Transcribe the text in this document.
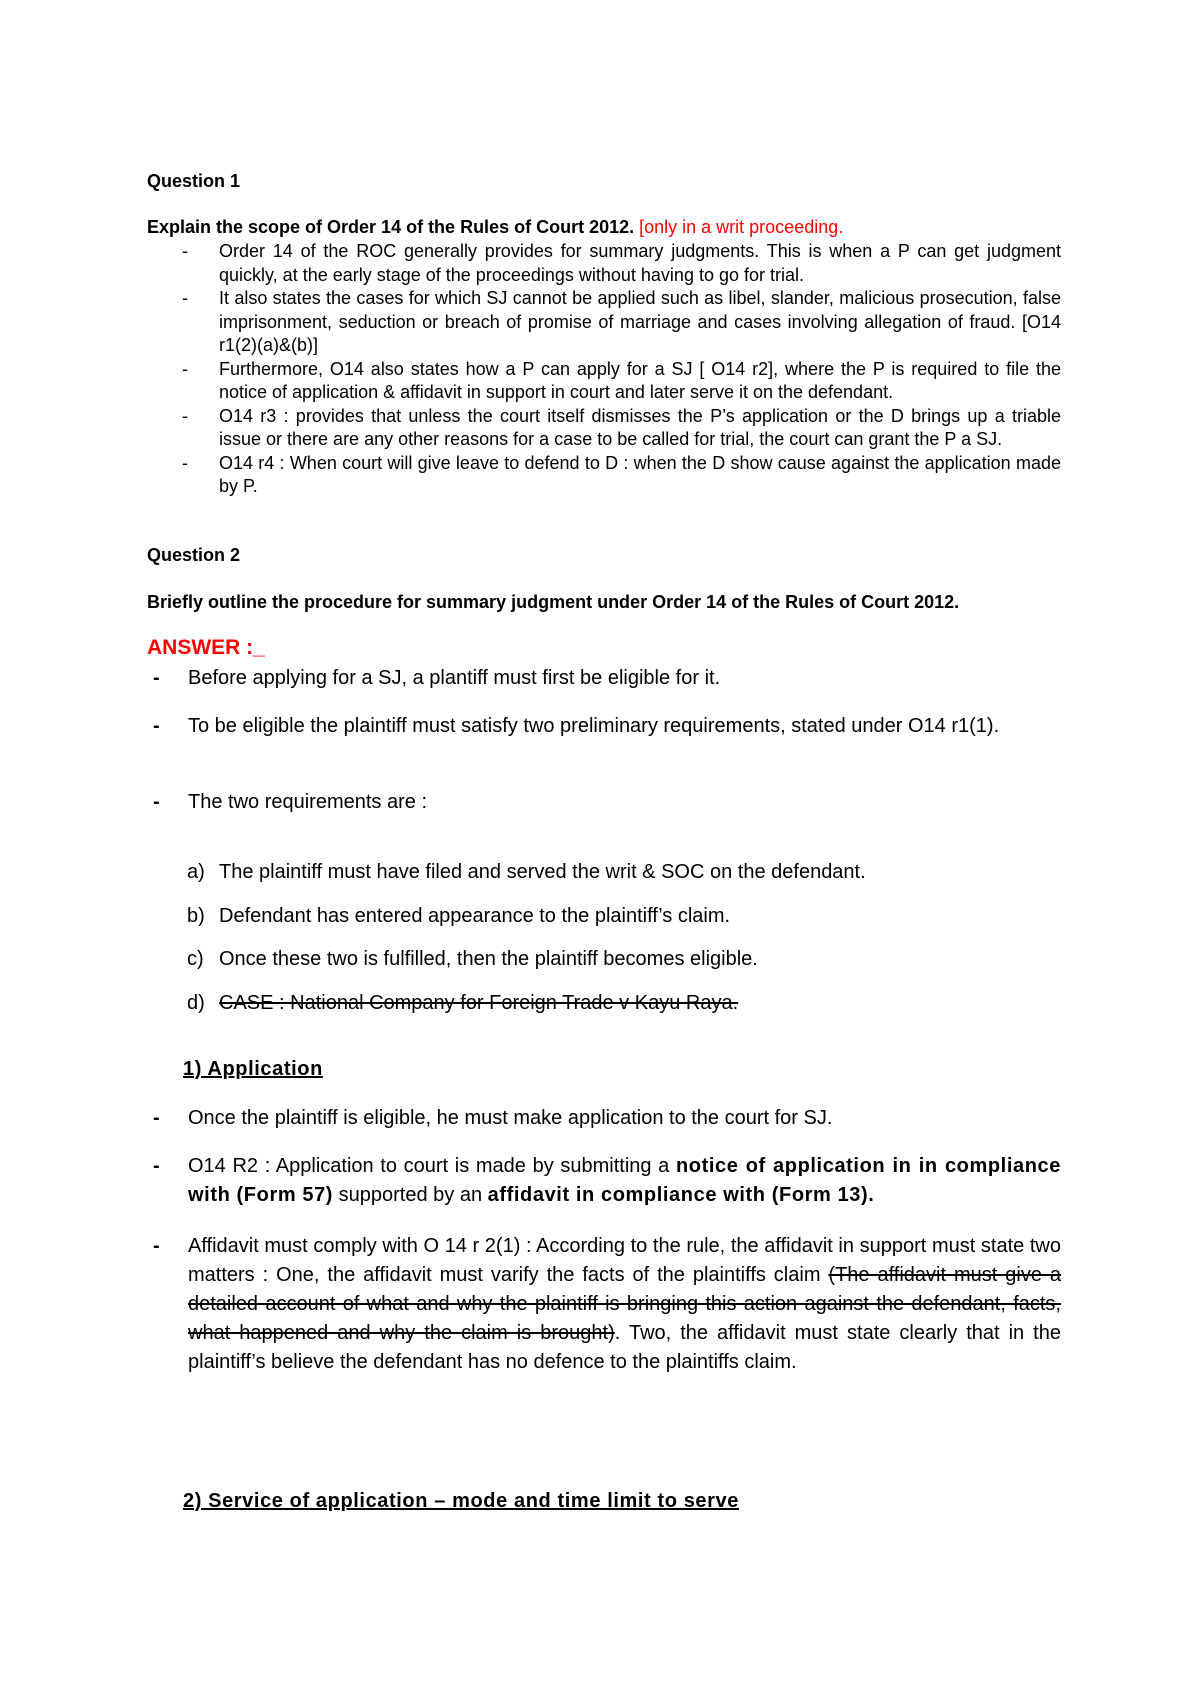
Question 1
Explain the scope of Order 14 of the Rules of Court 2012. [only in a writ proceeding.
- Order 14 of the ROC generally provides for summary judgments. This is when a P can get judgment quickly, at the early stage of the proceedings without having to go for trial.
- It also states the cases for which SJ cannot be applied such as libel, slander, malicious prosecution, false imprisonment, seduction or breach of promise of marriage and cases involving allegation of fraud. [O14 r1(2)(a)&(b)]
- Furthermore, O14 also states how a P can apply for a SJ [ O14 r2], where the P is required to file the notice of application & affidavit in support in court and later serve it on the defendant.
- O14 r3 : provides that unless the court itself dismisses the P’s application or the D brings up a triable issue or there are any other reasons for a case to be called for trial, the court can grant the P a SJ.
- O14 r4 : When court will give leave to defend to D : when the D show cause against the application made by P.
Question 2
Briefly outline the procedure for summary judgment under Order 14 of the Rules of Court 2012.
ANSWER :_
- Before applying for a SJ, a plantiff must first be eligible for it.
- To be eligible the plaintiff must satisfy two preliminary requirements, stated under O14 r1(1).
- The two requirements are :
a) The plaintiff must have filed and served the writ & SOC on the defendant.
b) Defendant has entered appearance to the plaintiff’s claim.
c) Once these two is fulfilled, then the plaintiff becomes eligible.
d) CASE : National Company for Foreign Trade v Kayu Raya.
1) Application
- Once the plaintiff is eligible, he must make application to the court for SJ.
- O14 R2 : Application to court is made by submitting a notice of application in in compliance with (Form 57) supported by an affidavit in compliance with (Form 13).
- Affidavit must comply with O 14 r 2(1) : According to the rule, the affidavit in support must state two matters : One, the affidavit must varify the facts of the plaintiffs claim (The affidavit must give a detailed account of what and why the plaintiff is bringing this action against the defendant, facts, what happened and why the claim is brought). Two, the affidavit must state clearly that in the plaintiff’s believe the defendant has no defence to the plaintiffs claim.
2) Service of application – mode and time limit to serve
